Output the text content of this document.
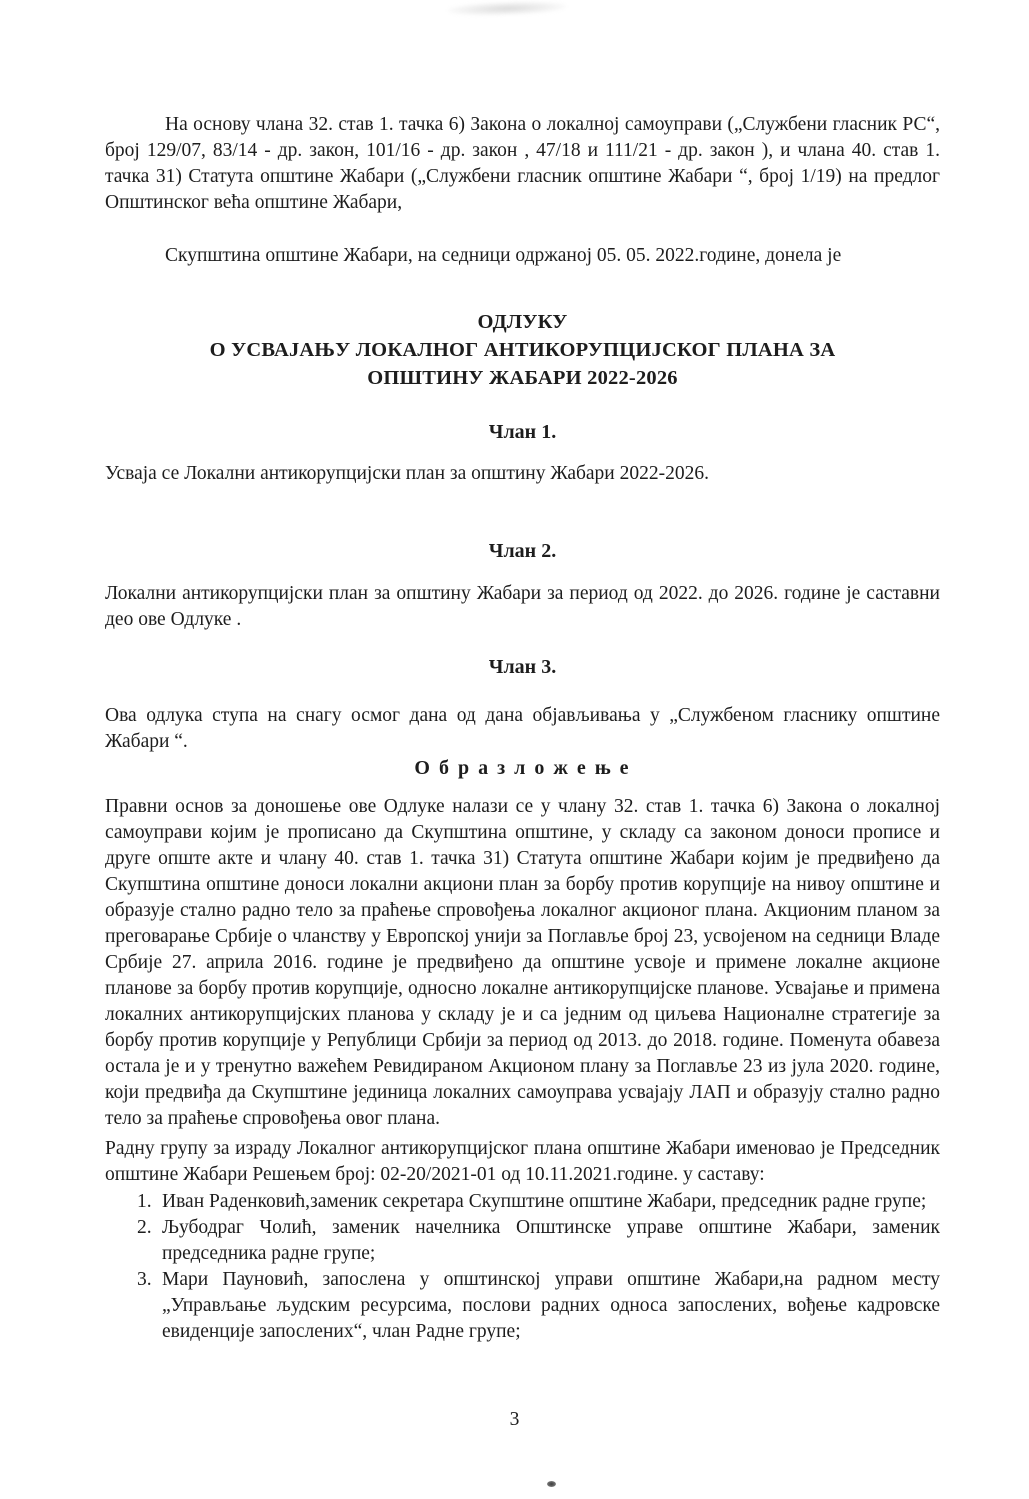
На основу члана 32. став 1. тачка 6) Закона о локалној самоуправи („Службени гласник РС“, број 129/07, 83/14 - др. закон, 101/16 - др. закон , 47/18 и 111/21 - др. закон ), и члана 40. став 1. тачка 31) Статута општине Жабари („Службени гласник општине Жабари “, број 1/19) на предлог Општинског већа општине Жабари,

Скупштина општине Жабари, на седници одржаној 05. 05. 2022.године, донела је

ОДЛУКУ
О УСВАЈАЊУ ЛОКАЛНОГ АНТИКОРУПЦИЈСКОГ ПЛАНА ЗА
ОПШТИНУ ЖАБАРИ 2022-2026
Члан 1.

Усваја се Локални антикорупцијски план за општину Жабари 2022-2026.

Члан 2.

Локални антикорупцијски план за општину Жабари за период од 2022. до 2026. године је саставни део ове Одлуке .

Члан 3.

Ова одлука ступа на снагу осмог дана од дана објављивања у „Службеном гласнику општине Жабари “.

О б р а з л о ж е њ е

Правни основ за доношење ове Одлуке налази се у члану 32. став 1. тачка 6) Закона о локалној самоуправи којим је прописано да Скупштина општине, у складу са законом доноси прописе и друге опште акте и члану 40. став 1. тачка 31) Статута општине Жабари којим је предвиђено да Скупштина општине доноси локални акциони план за борбу против корупције на нивоу општине и образује стално радно тело за праћење спровођења локалног акционог плана. Акционим планом за преговарање Србије о чланству у Европској унији за Поглавље број 23, усвојеном на седници Владе Србије 27. априла 2016. године је предвиђено да општине усвоје и примене локалне акционе планове за борбу против корупције, односно локалне антикорупцијске планове. Усвајање и примена локалних антикорупцијских планова у складу је и са једним од циљева Националне стратегије за борбу против корупције у Републици Србији за период од 2013. до 2018. године. Поменута обавеза остала је и у тренутно важећем Ревидираном Акционом плану за Поглавље 23 из јула 2020. године, који предвиђа да Скупштине јединица локалних самоуправа усвајају ЛАП и образују стално радно тело за праћење спровођења овог плана.

Радну групу за израду Локалног антикорупцијског плана општине Жабари именовао је Председник општине Жабари Решењем број: 02-20/2021-01 од 10.11.2021.године. у саставу:

Иван Раденковић,заменик секретара Скупштине општине Жабари, председник радне групе;
Љубодраг Чолић, заменик начелника Општинске управе општине Жабари, заменик председника радне групе;
Мари Пауновић, запослена у општинској управи општине Жабари,на радном месту „Управљање људским ресурсима, послови радних односа запослених, вођење кадровске евиденције запослених“, члан Радне групе;
3
